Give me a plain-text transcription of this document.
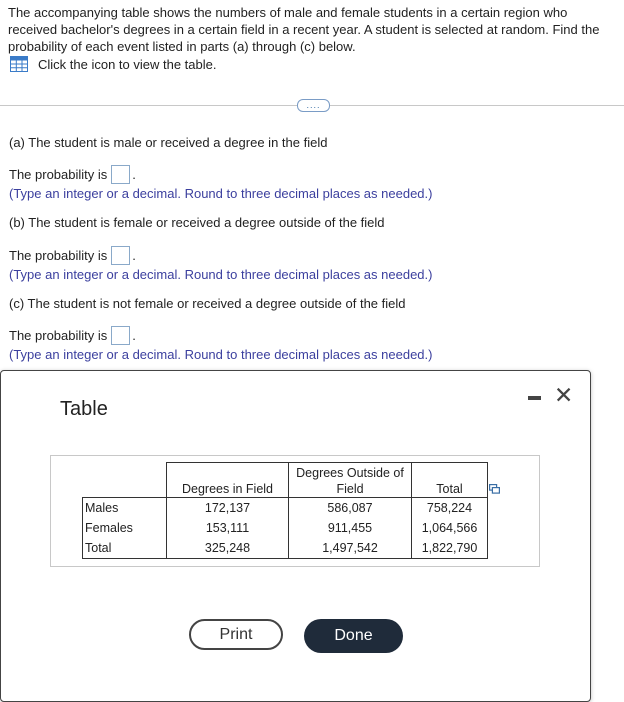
The accompanying table shows the numbers of male and female students in a certain region who received bachelor's degrees in a certain field in a recent year. A student is selected at random. Find the probability of each event listed in parts (a) through (c) below.
Click the icon to view the table.
....
(a) The student is male or received a degree in the field
The probability is .
(Type an integer or a decimal. Round to three decimal places as needed.)
(b) The student is female or received a degree outside of the field
The probability is .
(Type an integer or a decimal. Round to three decimal places as needed.)
(c) The student is not female or received a degree outside of the field
The probability is .
(Type an integer or a decimal. Round to three decimal places as needed.)
Table
✕
	Degrees in Field	Degrees Outside of Field	Total
Males	172,137	586,087	758,224
Females	153,111	911,455	1,064,566
Total	325,248	1,497,542	1,822,790
Print	Done
